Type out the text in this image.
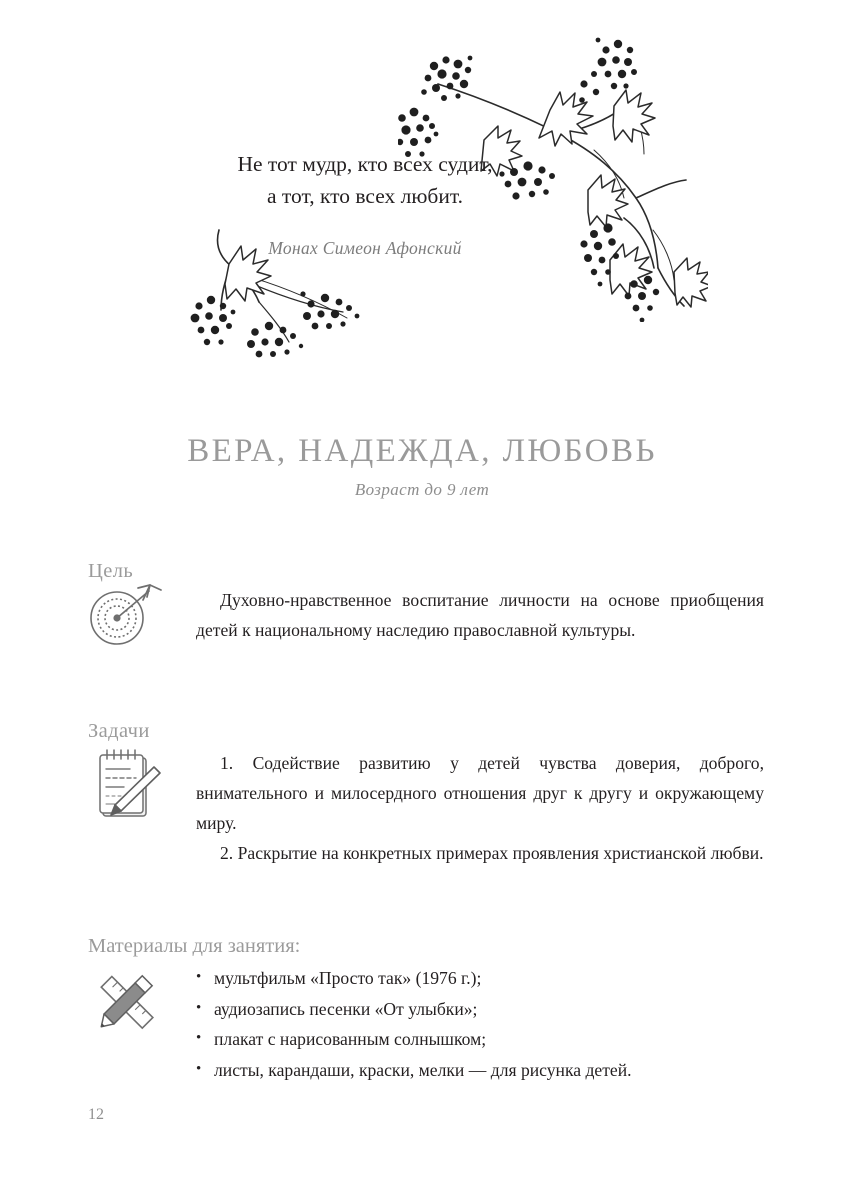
Не тот мудр, кто всех судит,
а тот, кто всех любит.
Монах Симеон Афонский
ВЕРА, НАДЕЖДА, ЛЮБОВЬ
Возраст до 9 лет
Цель

Духовно-нравственное воспитание личности на основе приобщения детей к национальному наследию православной культуры.

Задачи

1. Содействие развитию у детей чувства доверия, доброго, внимательного и милосердного отношения друг к другу и окружающему миру.

2. Раскрытие на конкретных примерах проявления христианской любви.

Материалы для занятия:
• мультфильм «Просто так» (1976 г.);
• аудиозапись песенки «От улыбки»;
• плакат с нарисованным солнышком;
• листы, карандаши, краски, мелки — для рисунка детей.
12
